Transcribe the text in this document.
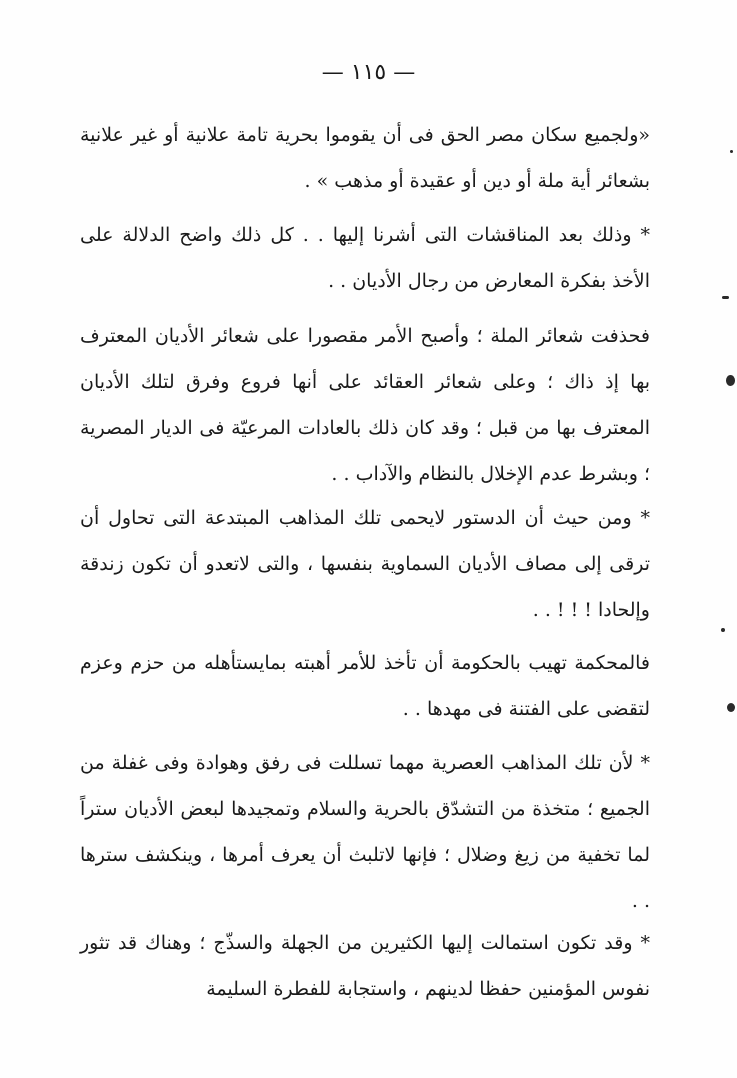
— ١١٥ —
«ولجميع سكان مصر الحق فى أن يقوموا بحرية تامة علانية أو غير علانية بشعائر أية ملة أو دين أو عقيدة أو مذهب » .
* وذلك بعد المناقشات التى أشرنا إليها . . كل ذلك واضح الدلالة على الأخذ بفكرة المعارض من رجال الأديان . .
فحذفت شعائر الملة ؛ وأصبح الأمر مقصورا على شعائر الأديان المعترف بها إذ ذاك ؛ وعلى شعائر العقائد على أنها فروع وفرق لتلك الأديان المعترف بها من قبل ؛ وقد كان ذلك بالعادات المرعيّة فى الديار المصرية ؛ وبشرط عدم الإخلال بالنظام والآداب . .
* ومن حيث أن الدستور لايحمى تلك المذاهب المبتدعة التى تحاول أن ترقى إلى مصاف الأديان السماوية بنفسها ، والتى لاتعدو أن تكون زندقة وإلحادا ! ! ! . .
فالمحكمة تهيب بالحكومة أن تأخذ للأمر أهبته بمايستأهله من حزم وعزم لتقضى على الفتنة فى مهدها . .
* لأن تلك المذاهب العصرية مهما تسللت فى رفق وهوادة وفى غفلة من الجميع ؛ متخذة من التشدّق بالحرية والسلام وتمجيدها لبعض الأديان ستراً لما تخفية من زيغ وضلال ؛ فإنها لاتلبث أن يعرف أمرها ، وينكشف سترها . .
* وقد تكون استمالت إليها الكثيرين من الجهلة والسذّج ؛ وهناك قد تثور نفوس المؤمنين حفظا لدينهم ، واستجابة للفطرة السليمة
